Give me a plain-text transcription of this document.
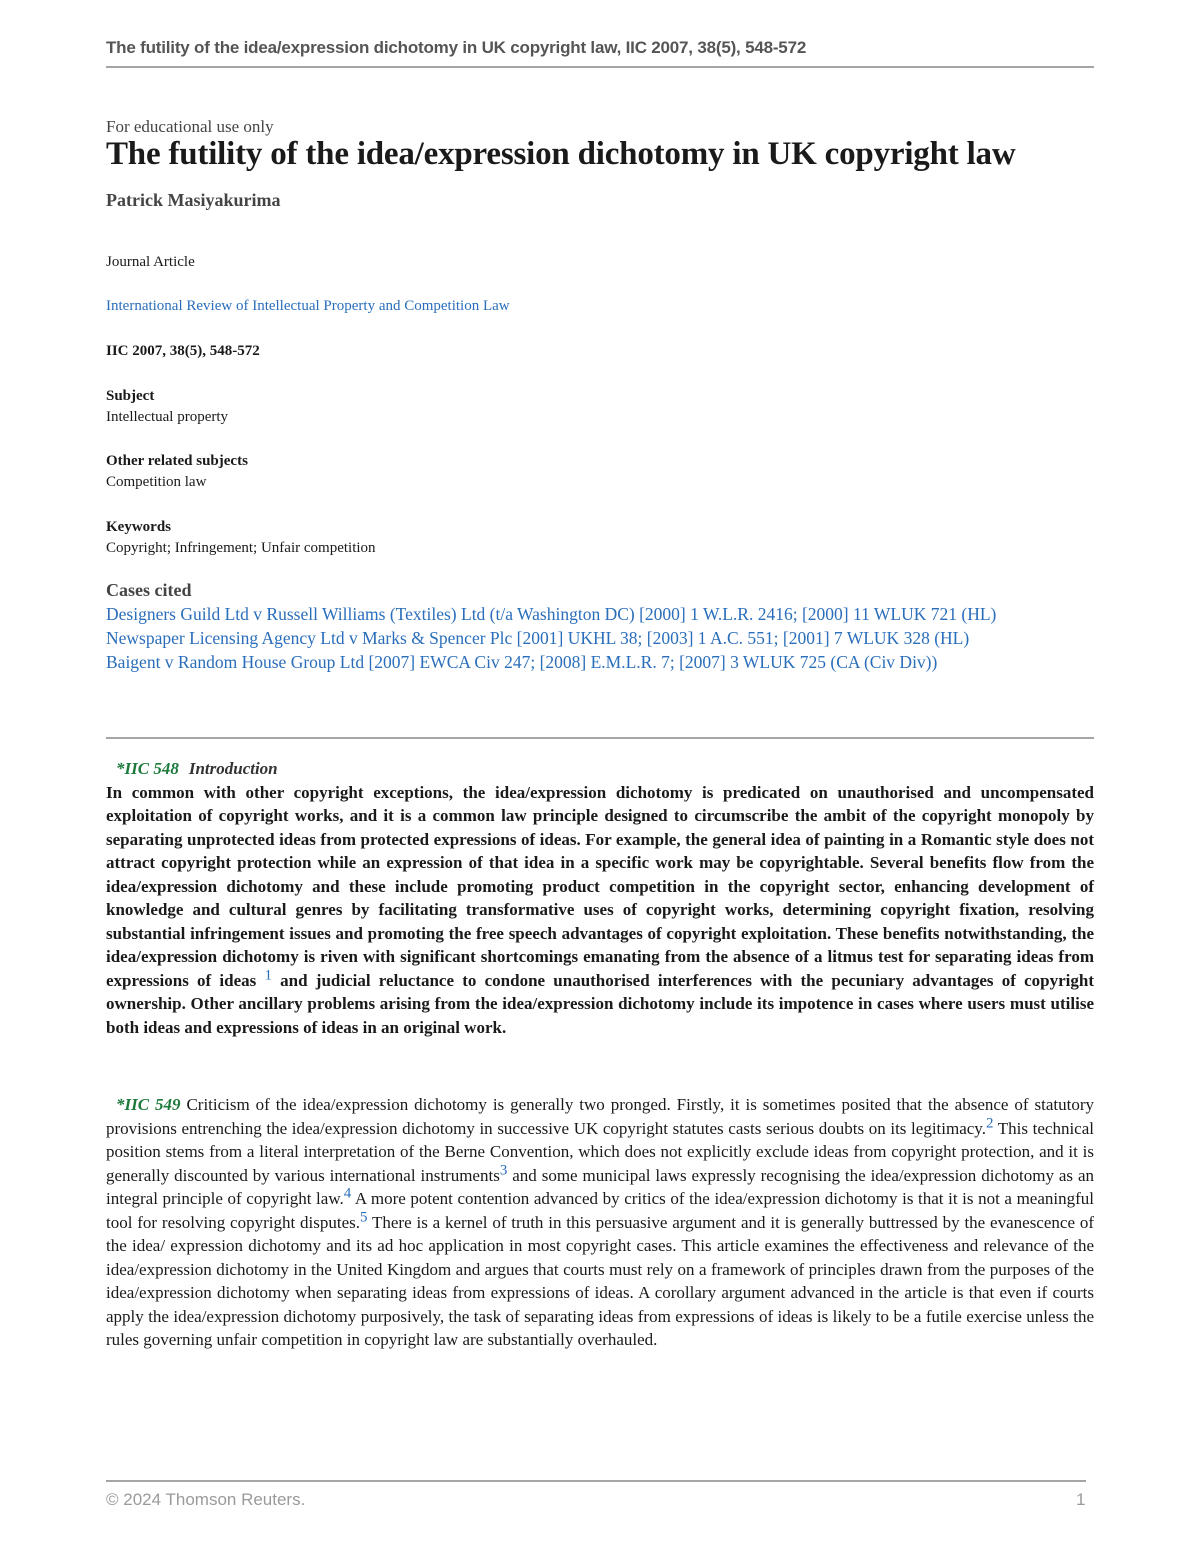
The futility of the idea/expression dichotomy in UK copyright law, IIC 2007, 38(5), 548-572
For educational use only
The futility of the idea/expression dichotomy in UK copyright law
Patrick Masiyakurima
Journal Article
International Review of Intellectual Property and Competition Law
IIC 2007, 38(5), 548-572
Subject
Intellectual property
Other related subjects
Competition law
Keywords
Copyright; Infringement; Unfair competition
Cases cited
Designers Guild Ltd v Russell Williams (Textiles) Ltd (t/a Washington DC) [2000] 1 W.L.R. 2416; [2000] 11 WLUK 721 (HL)
Newspaper Licensing Agency Ltd v Marks & Spencer Plc [2001] UKHL 38; [2003] 1 A.C. 551; [2001] 7 WLUK 328 (HL)
Baigent v Random House Group Ltd [2007] EWCA Civ 247; [2008] E.M.L.R. 7; [2007] 3 WLUK 725 (CA (Civ Div))
*IIC 548 Introduction
In common with other copyright exceptions, the idea/expression dichotomy is predicated on unauthorised and uncompensated exploitation of copyright works, and it is a common law principle designed to circumscribe the ambit of the copyright monopoly by separating unprotected ideas from protected expressions of ideas. For example, the general idea of painting in a Romantic style does not attract copyright protection while an expression of that idea in a specific work may be copyrightable. Several benefits flow from the idea/expression dichotomy and these include promoting product competition in the copyright sector, enhancing development of knowledge and cultural genres by facilitating transformative uses of copyright works, determining copyright fixation, resolving substantial infringement issues and promoting the free speech advantages of copyright exploitation. These benefits notwithstanding, the idea/expression dichotomy is riven with significant shortcomings emanating from the absence of a litmus test for separating ideas from expressions of ideas $^1$ and judicial reluctance to condone unauthorised interferences with the pecuniary advantages of copyright ownership. Other ancillary problems arising from the idea/expression dichotomy include its impotence in cases where users must utilise both ideas and expressions of ideas in an original work.
*IIC 549 Criticism of the idea/expression dichotomy is generally two pronged. Firstly, it is sometimes posited that the absence of statutory provisions entrenching the idea/expression dichotomy in successive UK copyright statutes casts serious doubts on its legitimacy.$^2$ This technical position stems from a literal interpretation of the Berne Convention, which does not explicitly exclude ideas from copyright protection, and it is generally discounted by various international instruments$^3$ and some municipal laws expressly recognising the idea/expression dichotomy as an integral principle of copyright law.$^4$ A more potent contention advanced by critics of the idea/expression dichotomy is that it is not a meaningful tool for resolving copyright disputes.$^5$ There is a kernel of truth in this persuasive argument and it is generally buttressed by the evanescence of the idea/ expression dichotomy and its ad hoc application in most copyright cases. This article examines the effectiveness and relevance of the idea/expression dichotomy in the United Kingdom and argues that courts must rely on a framework of principles drawn from the purposes of the idea/expression dichotomy when separating ideas from expressions of ideas. A corollary argument advanced in the article is that even if courts apply the idea/expression dichotomy purposively, the task of separating ideas from expressions of ideas is likely to be a futile exercise unless the rules governing unfair competition in copyright law are substantially overhauled.
© 2024 Thomson Reuters.	1
